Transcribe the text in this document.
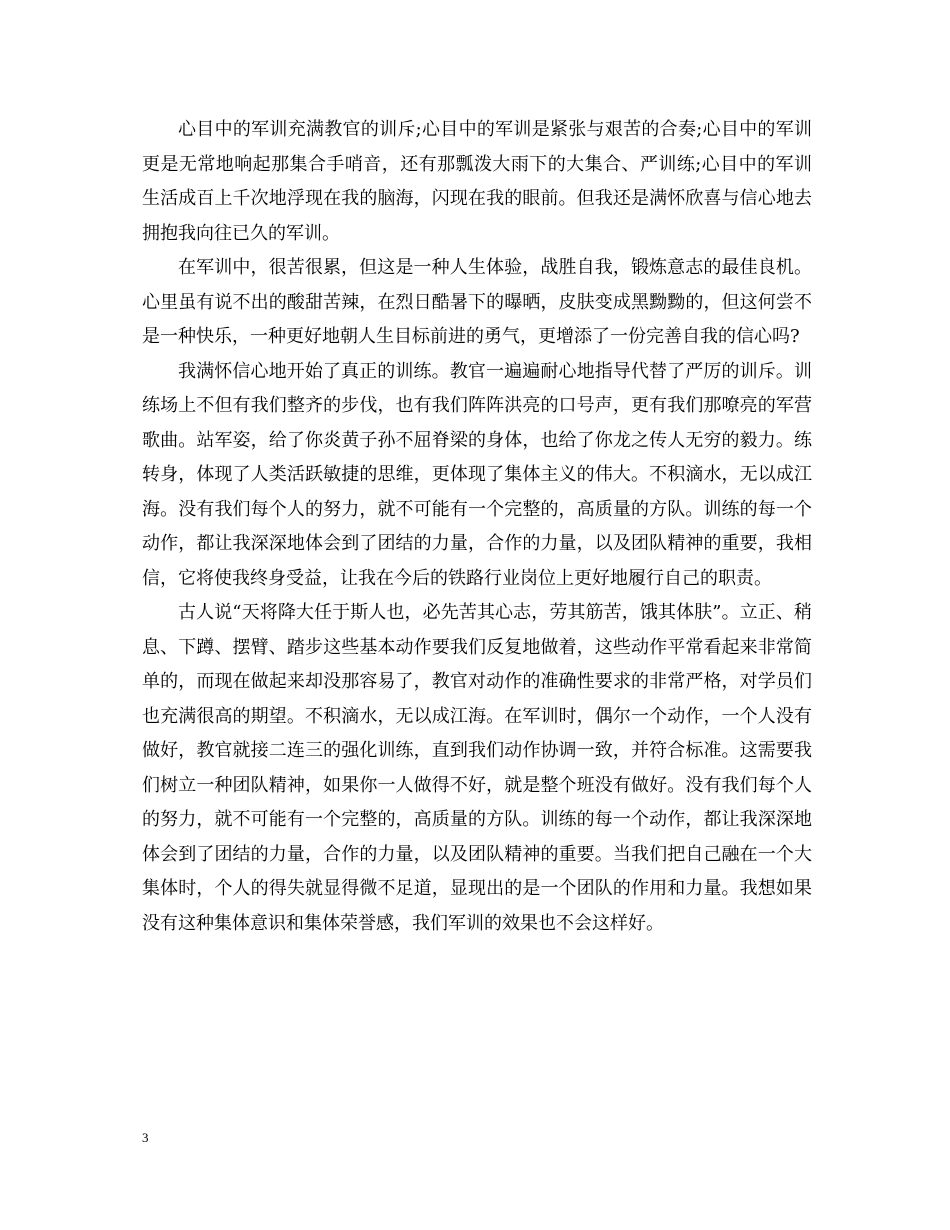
心目中的军训充满教官的训斥;心目中的军训是紧张与艰苦的合奏;心目中的军训更是无常地响起那集合手哨音，还有那瓢泼大雨下的大集合、严训练;心目中的军训生活成百上千次地浮现在我的脑海，闪现在我的眼前。但我还是满怀欣喜与信心地去拥抱我向往已久的军训。

在军训中，很苦很累，但这是一种人生体验，战胜自我，锻炼意志的最佳良机。心里虽有说不出的酸甜苦辣，在烈日酷暑下的曝晒，皮肤变成黑黝黝的，但这何尝不是一种快乐，一种更好地朝人生目标前进的勇气，更增添了一份完善自我的信心吗?

我满怀信心地开始了真正的训练。教官一遍遍耐心地指导代替了严厉的训斥。训练场上不但有我们整齐的步伐，也有我们阵阵洪亮的口号声，更有我们那嘹亮的军营歌曲。站军姿，给了你炎黄子孙不屈脊梁的身体，也给了你龙之传人无穷的毅力。练转身，体现了人类活跃敏捷的思维，更体现了集体主义的伟大。不积滴水，无以成江海。没有我们每个人的努力，就不可能有一个完整的，高质量的方队。训练的每一个动作，都让我深深地体会到了团结的力量，合作的力量，以及团队精神的重要，我相信，它将使我终身受益，让我在今后的铁路行业岗位上更好地履行自己的职责。

古人说“天将降大任于斯人也，必先苦其心志，劳其筋苦，饿其体肤”。立正、稍息、下蹲、摆臂、踏步这些基本动作要我们反复地做着，这些动作平常看起来非常简单的，而现在做起来却没那容易了，教官对动作的准确性要求的非常严格，对学员们也充满很高的期望。不积滴水，无以成江海。在军训时，偶尔一个动作，一个人没有做好，教官就接二连三的强化训练，直到我们动作协调一致，并符合标准。这需要我们树立一种团队精神，如果你一人做得不好，就是整个班没有做好。没有我们每个人的努力，就不可能有一个完整的，高质量的方队。训练的每一个动作，都让我深深地体会到了团结的力量，合作的力量，以及团队精神的重要。当我们把自己融在一个大集体时，个人的得失就显得微不足道，显现出的是一个团队的作用和力量。我想如果没有这种集体意识和集体荣誉感，我们军训的效果也不会这样好。

3
